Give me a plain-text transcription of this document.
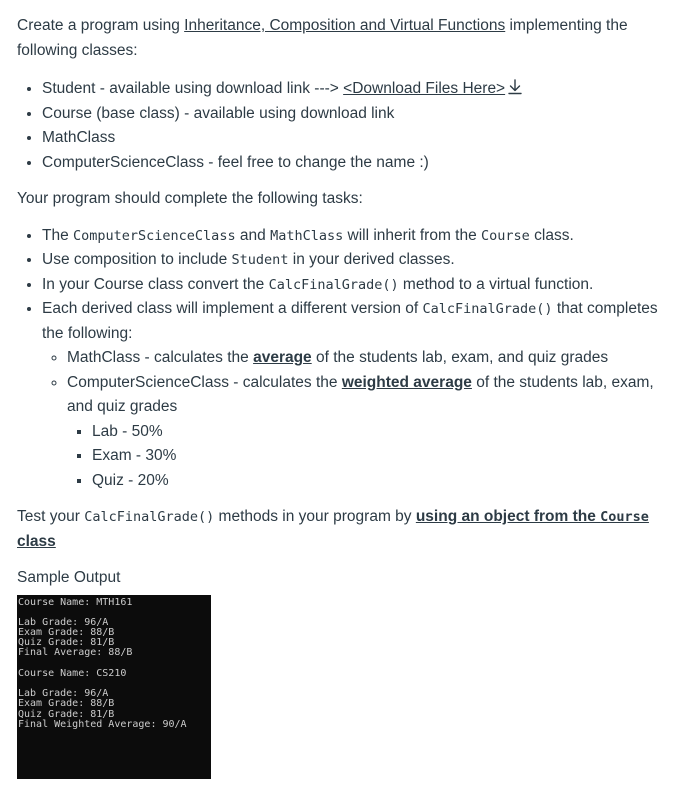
Create a program using Inheritance, Composition and Virtual Functions implementing the following classes:

• Student - available using download link ---> <Download Files Here>
• Course (base class) - available using download link
• MathClass
• ComputerScienceClass - feel free to change the name :)

Your program should complete the following tasks:

• The ComputerScienceClass and MathClass will inherit from the Course class.
• Use composition to include Student in your derived classes.
• In your Course class convert the CalcFinalGrade() method to a virtual function.
• Each derived class will implement a different version of CalcFinalGrade() that completes the following:
◦ MathClass - calculates the average of the students lab, exam, and quiz grades
◦ ComputerScienceClass - calculates the weighted average of the students lab, exam, and quiz grades
▪ Lab - 50%
▪ Exam - 30%
▪ Quiz - 20%

Test your CalcFinalGrade() methods in your program by using an object from the Course class

Sample Output

Course Name: MTH161
Lab Grade: 96/A
Exam Grade: 88/B
Quiz Grade: 81/B
Final Average: 88/B
Course Name: CS210
Lab Grade: 96/A
Exam Grade: 88/B
Quiz Grade: 81/B
Final Weighted Average: 90/A
